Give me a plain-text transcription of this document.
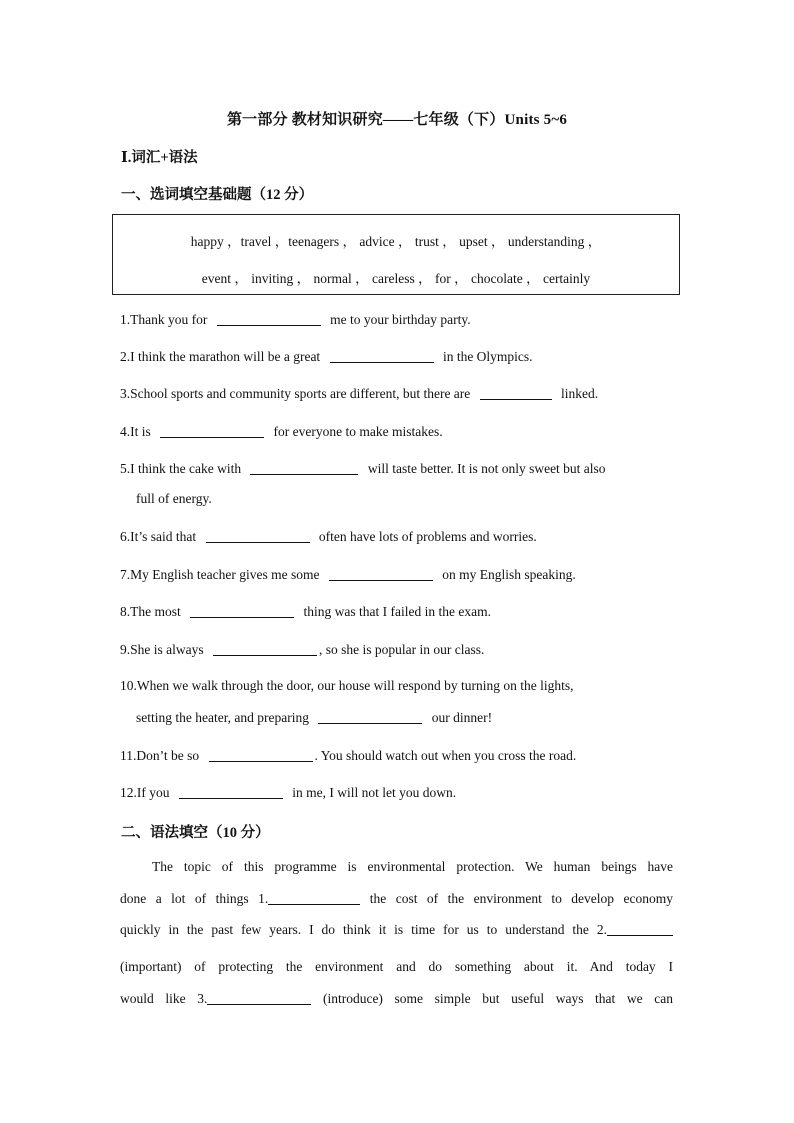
第一部分 教材知识研究——七年级（下）Units 5~6
Ⅰ.词汇+语法
一、选词填空基础题（12 分）
happy ，travel ，teenagers ， advice ， trust ， upset ， understanding ，
event ， inviting ， normal ， careless ， for ， chocolate ， certainly
1.Thank you for	me to your birthday party.
2.I think the marathon will be a great	in the Olympics.
3.School sports and community sports are different, but there are	linked.
4.It is	for everyone to make mistakes.
5.I think the cake with	will taste better. It is not only sweet but also
full of energy.
6.It’s said that	often have lots of problems and worries.
7.My English teacher gives me some	on my English speaking.
8.The most	thing was that I failed in the exam.
9.She is always	, so she is popular in our class.
10.When we walk through the door, our house will respond by turning on the lights,
setting the heater, and preparing	our dinner!
11.Don’t be so	. You should watch out when you cross the road.
12.If you	in me, I will not let you down.
二、语法填空（10 分）
The topic of this programme is environmental protection. We human beings have
done a lot of things 1.	the cost of the environment to develop economy
quickly in the past few years. I do think it is time for us to understand the 2.
(important) of protecting the environment and do something about it. And today I
would like 3.	(introduce) some simple but useful ways that we can
